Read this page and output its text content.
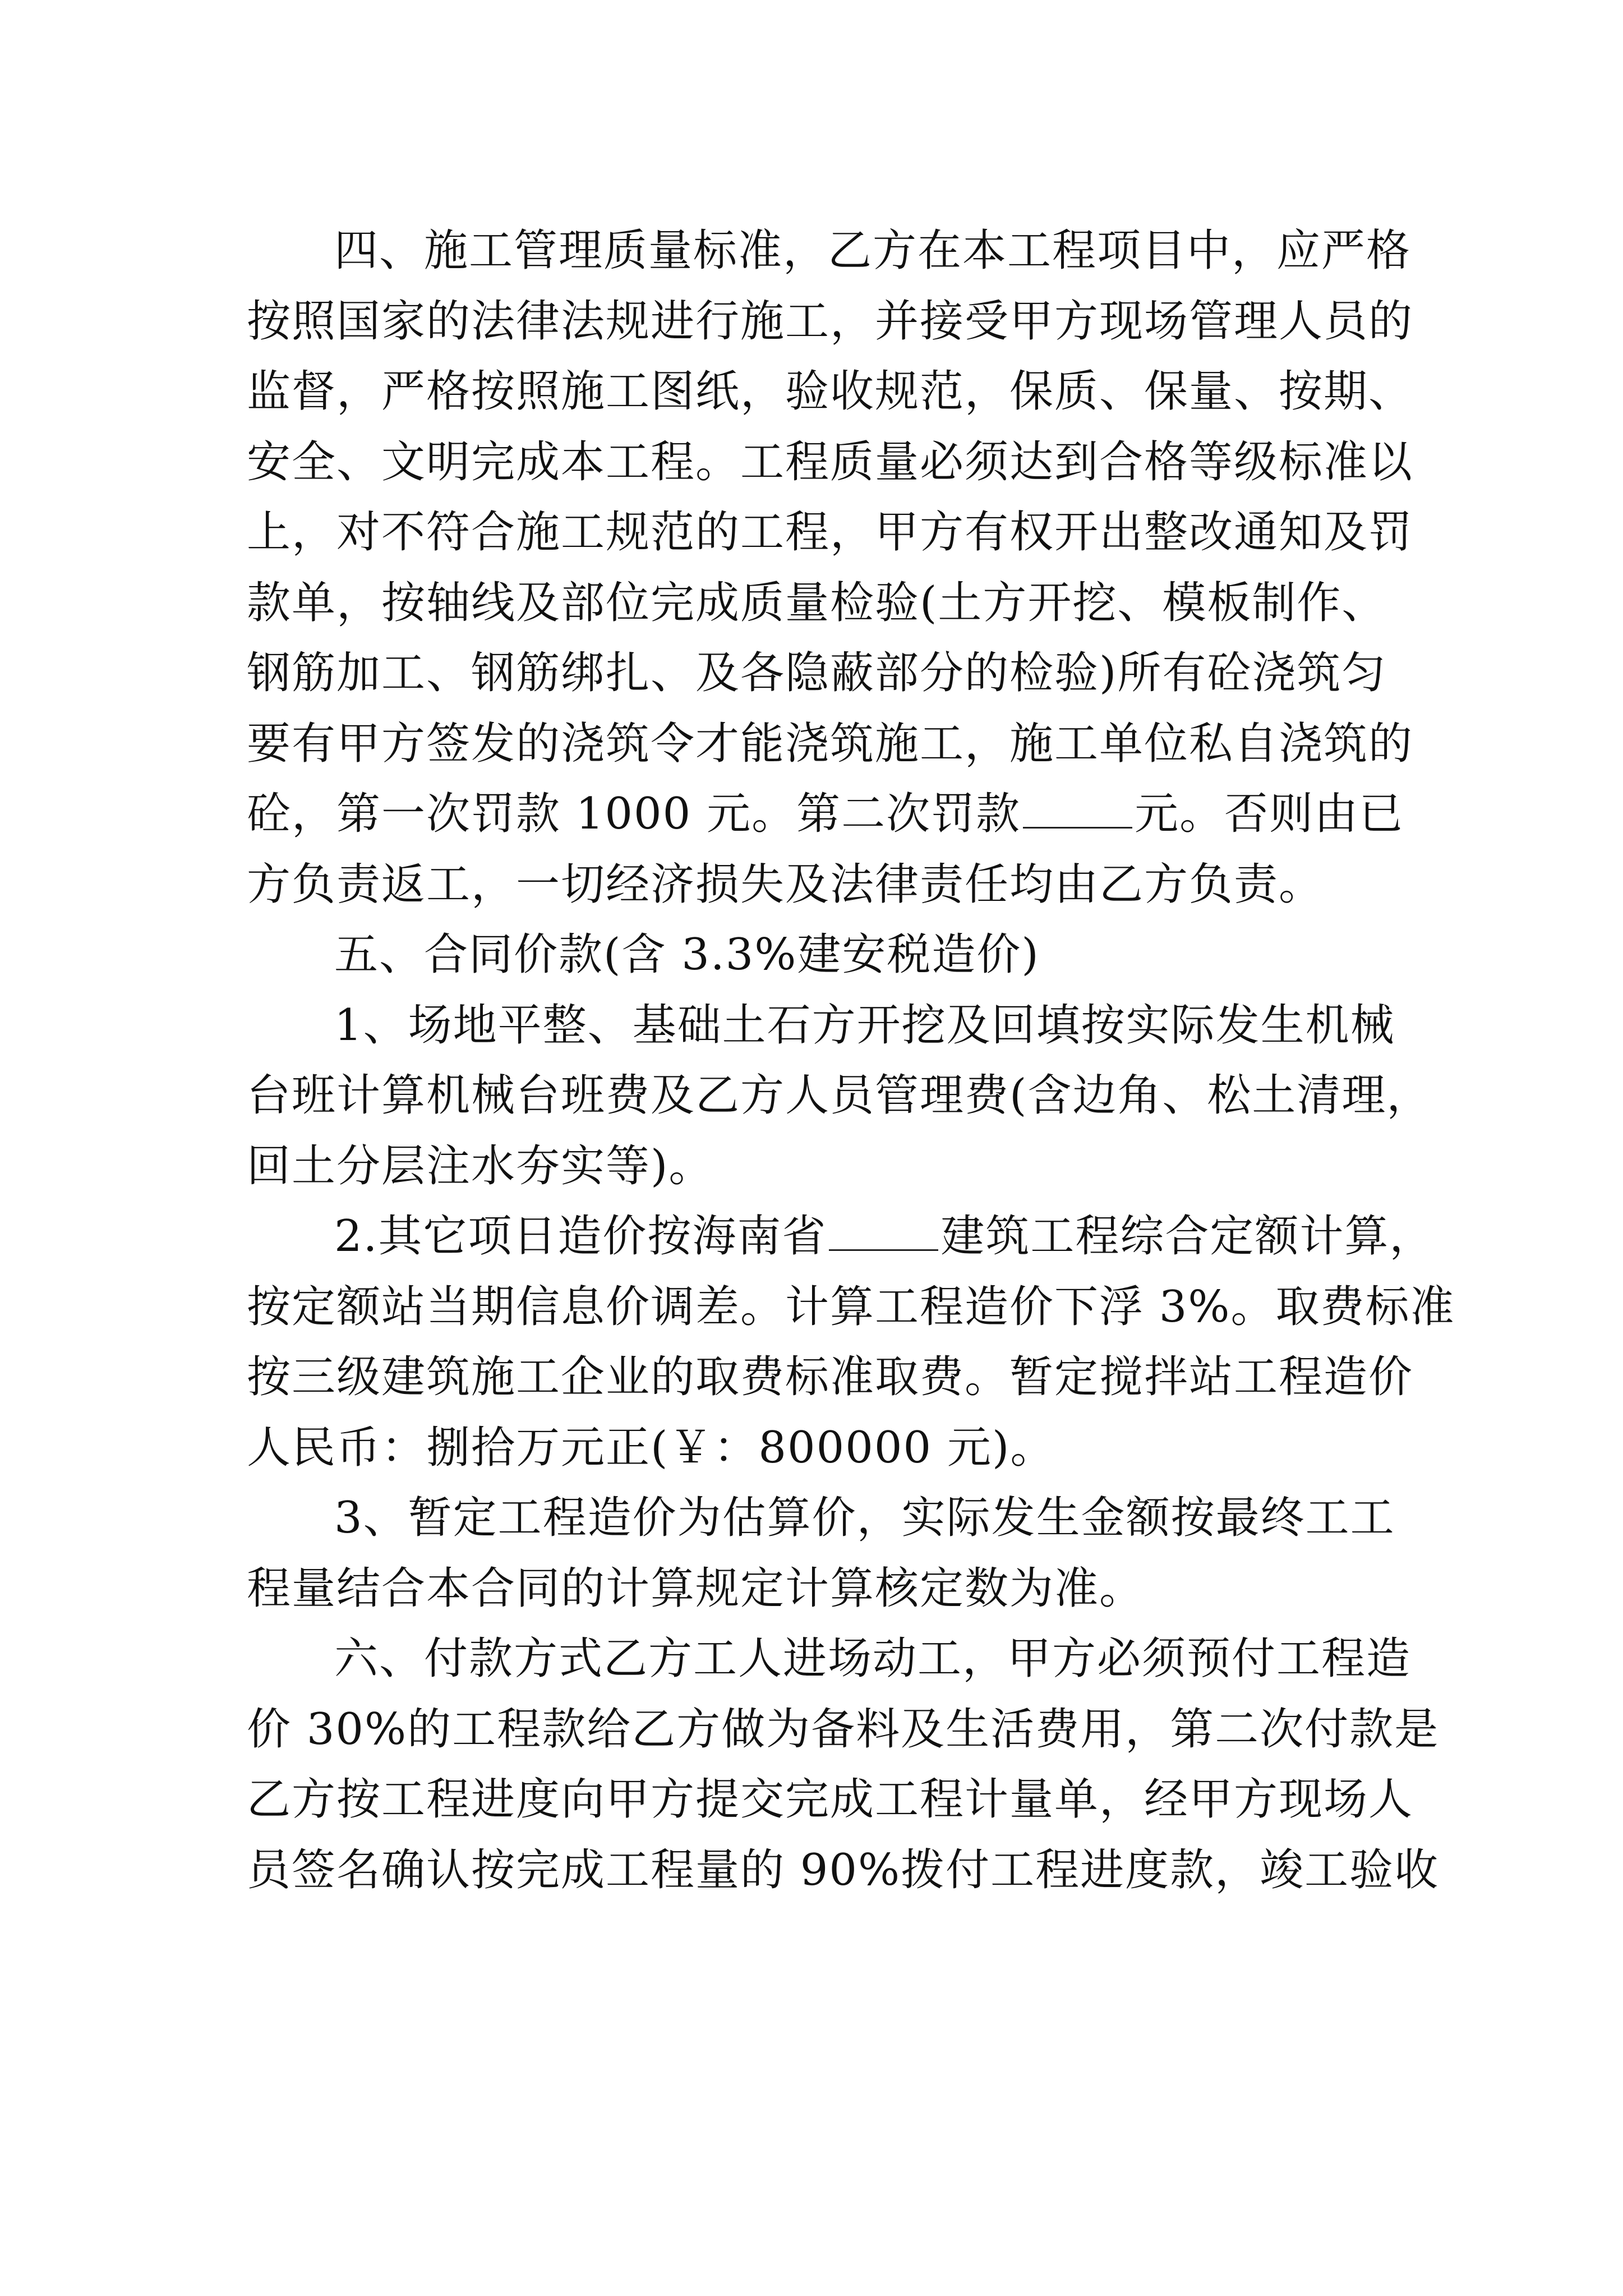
四、施工管理质量标准，乙方在本工程项目中，应严格
按照国家的法律法规进行施工，并接受甲方现场管理人员的
监督，严格按照施工图纸，验收规范，保质、保量、按期、
安全、文明完成本工程。工程质量必须达到合格等级标准以
上，对不符合施工规范的工程，甲方有权开出整改通知及罚
款单，按轴线及部位完成质量检验(土方开挖、模板制作、
钢筋加工、钢筋绑扎、及各隐蔽部分的检验)所有砼浇筑匀
要有甲方签发的浇筑令才能浇筑施工，施工单位私自浇筑的
砼，第一次罚款 1000 元。第二次罚款	元。否则由已
方负责返工，一切经济损失及法律责任均由乙方负责。
五、合同价款(含 3.3%建安税造价)
1、场地平整、基础土石方开挖及回填按实际发生机械
台班计算机械台班费及乙方人员管理费(含边角、松土清理，
回土分层注水夯实等)。
2.其它项日造价按海南省	建筑工程综合定额计算，
按定额站当期信息价调差。计算工程造价下浮 3%。取费标准
按三级建筑施工企业的取费标准取费。暂定搅拌站工程造价
人民币：捌拾万元正(￥：800000 元)。
3、暂定工程造价为估算价，实际发生金额按最终工工
程量结合本合同的计算规定计算核定数为准。
六、付款方式乙方工人进场动工，甲方必须预付工程造
价 30%的工程款给乙方做为备料及生活费用，第二次付款是
乙方按工程进度向甲方提交完成工程计量单，经甲方现场人
员签名确认按完成工程量的 90%拨付工程进度款，竣工验收
